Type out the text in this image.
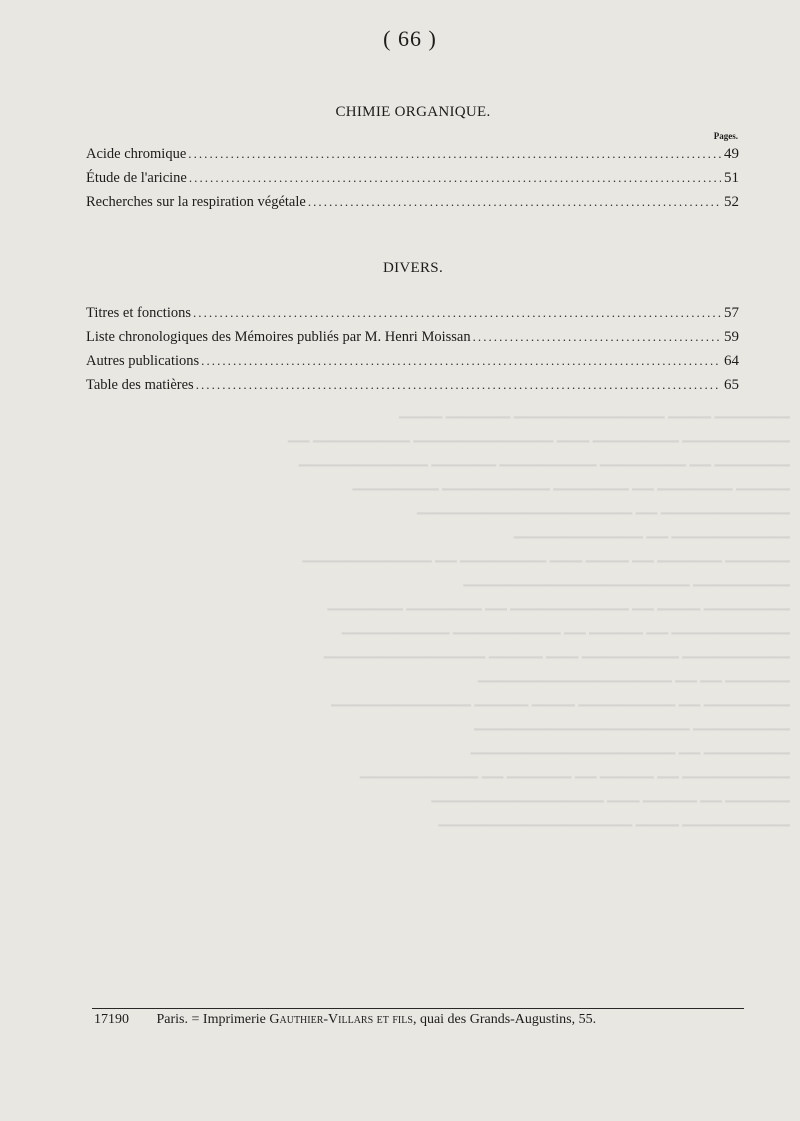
( 66 )
CHIMIE ORGANIQUE.
Pages.
Acide chromique . . .	49
Étude de l'aricine . . .	51
Recherches sur la respiration végétale . . .	52
DIVERS.
Titres et fonctions . . .	57
Liste chronologiques des Mémoires publiés par M. Henri Moissan . . .	59
Autres publications . . .	64
Table des matières . . .	65
▁▁▁▁▁▁▁ ▁▁▁▁ ▁▁▁▁▁▁▁▁▁▁▁▁▁▁ ▁▁▁▁▁▁ ▁▁▁▁
▁▁▁▁▁▁▁▁▁▁ ▁▁▁▁▁▁▁▁ ▁▁▁ ▁▁▁▁▁▁▁▁▁▁▁▁▁ ▁▁▁▁▁▁▁▁▁ ▁▁
▁▁▁▁▁▁▁ ▁▁ ▁▁▁▁▁▁▁▁ ▁▁▁▁▁▁▁▁▁ ▁▁▁▁▁▁ ▁▁▁▁▁▁▁▁▁▁▁▁
▁▁▁▁▁ ▁▁▁▁▁▁▁ ▁▁ ▁▁▁▁▁▁▁ ▁▁▁▁▁▁▁▁▁▁ ▁▁▁▁▁▁▁▁
▁▁▁▁▁▁▁▁▁▁▁▁ ▁▁ ▁▁▁▁▁▁▁▁▁▁▁▁▁▁▁▁▁▁▁▁
▁▁▁▁▁▁▁▁▁▁▁ ▁▁ ▁▁▁▁▁▁▁▁▁▁▁▁
▁▁▁▁▁▁ ▁▁▁▁▁▁ ▁▁ ▁▁▁▁ ▁▁▁ ▁▁▁▁▁▁▁▁ ▁▁ ▁▁▁▁▁▁▁▁▁▁▁▁
▁▁▁▁▁▁▁▁▁ ▁▁▁▁▁▁▁▁▁▁▁▁▁▁▁▁▁▁▁▁▁
▁▁▁▁▁▁▁▁ ▁▁▁▁ ▁▁ ▁▁▁▁▁▁▁▁▁▁▁ ▁▁ ▁▁▁▁▁▁▁ ▁▁▁▁▁▁▁
▁▁▁▁▁▁▁▁▁▁▁ ▁▁ ▁▁▁▁▁ ▁▁ ▁▁▁▁▁▁▁▁▁▁ ▁▁▁▁▁▁▁▁▁▁
▁▁▁▁▁▁▁▁▁▁ ▁▁▁▁▁▁▁▁▁ ▁▁▁ ▁▁▁▁▁ ▁▁▁▁▁▁▁▁▁▁▁▁▁▁▁
▁▁▁▁▁▁ ▁▁ ▁▁ ▁▁▁▁▁▁▁▁▁▁▁▁▁▁▁▁▁▁
▁▁▁▁▁▁▁▁ ▁▁ ▁▁▁▁▁▁▁▁▁ ▁▁▁▁ ▁▁▁▁▁ ▁▁▁▁▁▁▁▁▁▁▁▁▁
▁▁▁▁▁▁▁▁▁ ▁▁▁▁▁▁▁▁▁▁▁▁▁▁▁▁▁▁▁▁
▁▁▁▁▁▁▁▁ ▁▁ ▁▁▁▁▁▁▁▁▁▁▁▁▁▁▁▁▁▁▁
▁▁▁▁▁▁▁▁▁▁ ▁▁ ▁▁▁▁▁ ▁▁ ▁▁▁▁▁▁ ▁▁ ▁▁▁▁▁▁▁▁▁▁▁
▁▁▁▁▁▁ ▁▁ ▁▁▁▁▁ ▁▁▁ ▁▁▁▁▁▁▁▁▁▁▁▁▁▁▁▁
▁▁▁▁▁▁▁▁▁▁ ▁▁▁▁ ▁▁▁▁▁▁▁▁▁▁▁▁▁▁▁▁▁▁
17190 Paris. = Imprimerie Gauthier-Villars et fils, quai des Grands-Augustins, 55.
